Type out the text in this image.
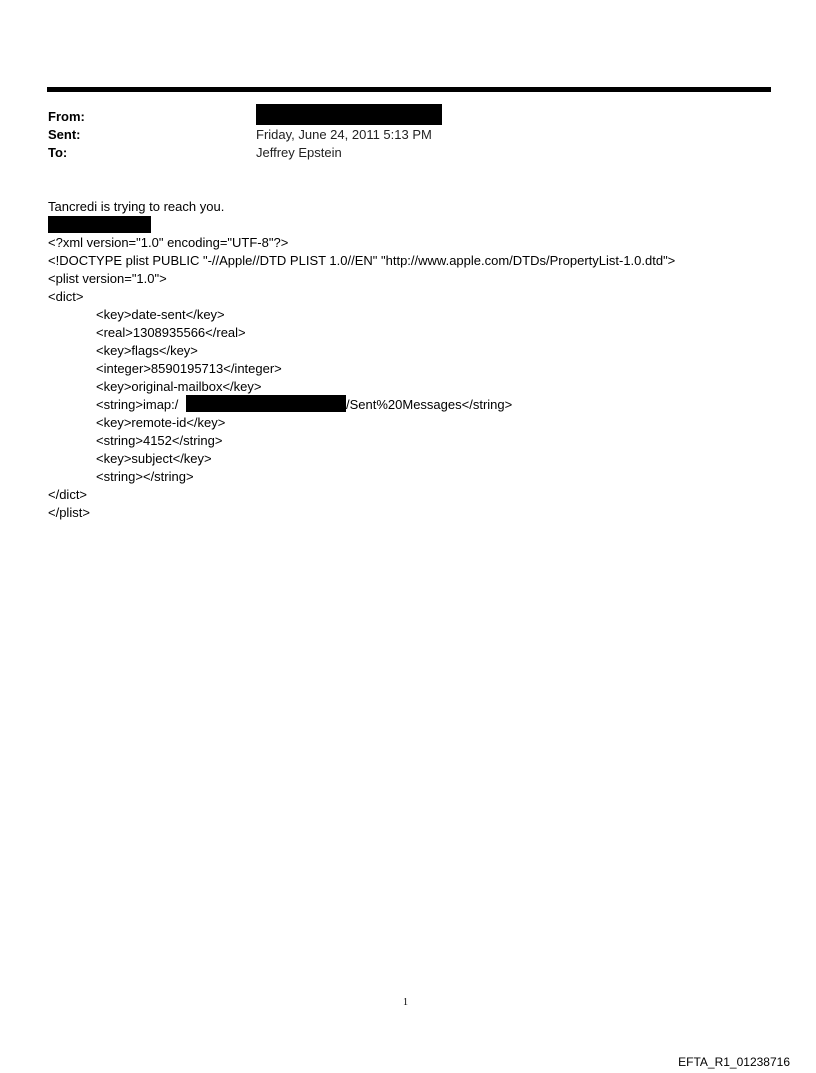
From:
Sent:	Friday, June 24, 2011 5:13 PM
To:	Jeffrey Epstein
Tancredi is trying to reach you.
<?xml version="1.0" encoding="UTF-8"?>
<!DOCTYPE plist PUBLIC "-//Apple//DTD PLIST 1.0//EN" "http://www.apple.com/DTDs/PropertyList-1.0.dtd">
<plist version="1.0">
<dict>
<key>date-sent</key>
<real>1308935566</real>
<key>flags</key>
<integer>8590195713</integer>
<key>original-mailbox</key>
<string>imap:/	/Sent%20Messages</string>
<key>remote-id</key>
<string>4152</string>
<key>subject</key>
<string></string>
</dict>
</plist>
1
EFTA_R1_01238716
